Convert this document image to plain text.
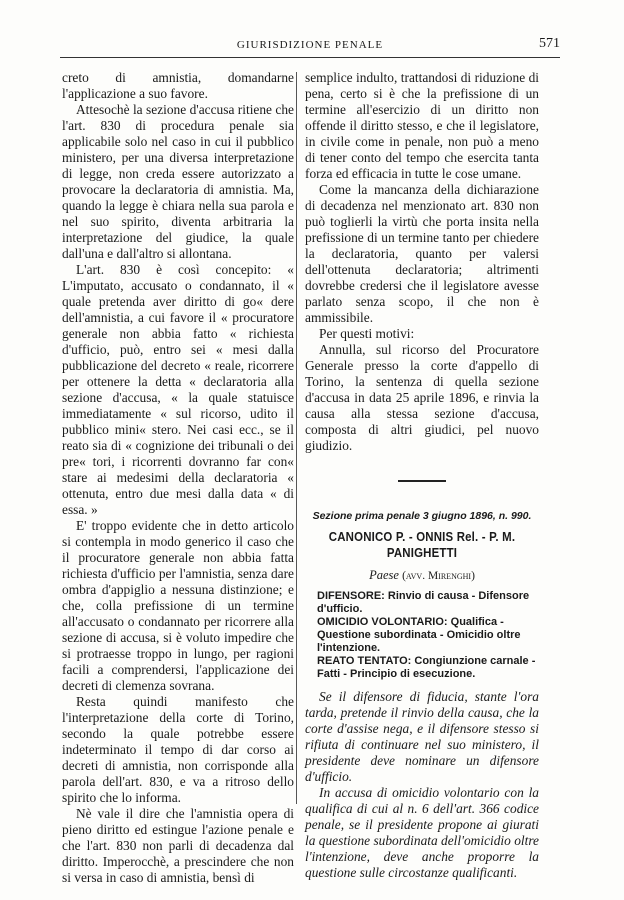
GIURISDIZIONE PENALE	571

creto di amnistia, domandarne l'applicazione a suo favore.

Attesochè la sezione d'accusa ritiene che l'art. 830 di procedura penale sia applicabile solo nel caso in cui il pubblico ministero, per una diversa interpretazione di legge, non creda essere autorizzato a provocare la declaratoria di amnistia. Ma, quando la legge è chiara nella sua parola e nel suo spirito, diventa arbitraria la interpretazione del giudice, la quale dall'una e dall'altro si allontana.

L'art. 830 è così concepito: « L'imputato, accusato o condannato, il « quale pretenda aver diritto di go« dere dell'amnistia, a cui favore il « procuratore generale non abbia fatto « richiesta d'ufficio, può, entro sei « mesi dalla pubblicazione del decreto « reale, ricorrere per ottenere la detta « declaratoria alla sezione d'accusa, « la quale statuisce immediatamente « sul ricorso, udito il pubblico mini« stero. Nei casi ecc., se il reato sia di « cognizione dei tribunali o dei pre« tori, i ricorrenti dovranno far con« stare ai medesimi della declaratoria « ottenuta, entro due mesi dalla data « di essa. »

E' troppo evidente che in detto articolo si contempla in modo generico il caso che il procuratore generale non abbia fatta richiesta d'ufficio per l'amnistia, senza dare ombra d'appiglio a nessuna distinzione; e che, colla prefissione di un termine all'accusato o condannato per ricorrere alla sezione di accusa, si è voluto impedire che si protraesse troppo in lungo, per ragioni facili a comprendersi, l'applicazione dei decreti di clemenza sovrana.

Resta quindi manifesto che l'interpretazione della corte di Torino, secondo la quale potrebbe essere indeterminato il tempo di dar corso ai decreti di amnistia, non corrisponde alla parola dell'art. 830, e va a ritroso dello spirito che lo informa.

Nè vale il dire che l'amnistia opera di pieno diritto ed estingue l'azione penale e che l'art. 830 non parli di decadenza dal diritto. Imperocchè, a prescindere che non si versa in caso di amnistia, bensì di

semplice indulto, trattandosi di riduzione di pena, certo si è che la prefissione di un termine all'esercizio di un diritto non offende il diritto stesso, e che il legislatore, in civile come in penale, non può a meno di tener conto del tempo che esercita tanta forza ed efficacia in tutte le cose umane.

Come la mancanza della dichiarazione di decadenza nel menzionato art. 830 non può toglierli la virtù che porta insita nella prefissione di un termine tanto per chiedere la declaratoria, quanto per valersi dell'ottenuta declaratoria; altrimenti dovrebbe credersi che il legislatore avesse parlato senza scopo, il che non è ammissibile.

Per questi motivi:

Annulla, sul ricorso del Procuratore Generale presso la corte d'appello di Torino, la sentenza di quella sezione d'accusa in data 25 aprile 1896, e rinvia la causa alla stessa sezione d'accusa, composta di altri giudici, pel nuovo giudizio.

Sezione prima penale 3 giugno 1896, n. 990.
CANONICO P. - ONNIS Rel. - P. M. PANIGHETTI
Paese (avv. Mirenghi)

DIFENSORE: Rinvio di causa - Difensore d'ufficio.

OMICIDIO VOLONTARIO: Qualifica - Questione subordinata - Omicidio oltre l'intenzione.

REATO TENTATO: Congiunzione carnale - Fatti - Principio di esecuzione.

Se il difensore di fiducia, stante l'ora tarda, pretende il rinvio della causa, che la corte d'assise nega, e il difensore stesso si rifiuta di continuare nel suo ministero, il presidente deve nominare un difensore d'ufficio.

In accusa di omicidio volontario con la qualifica di cui al n. 6 dell'art. 366 codice penale, se il presidente propone ai giurati la questione subordinata dell'omicidio oltre l'intenzione, deve anche proporre la questione sulle circostanze qualificanti.
